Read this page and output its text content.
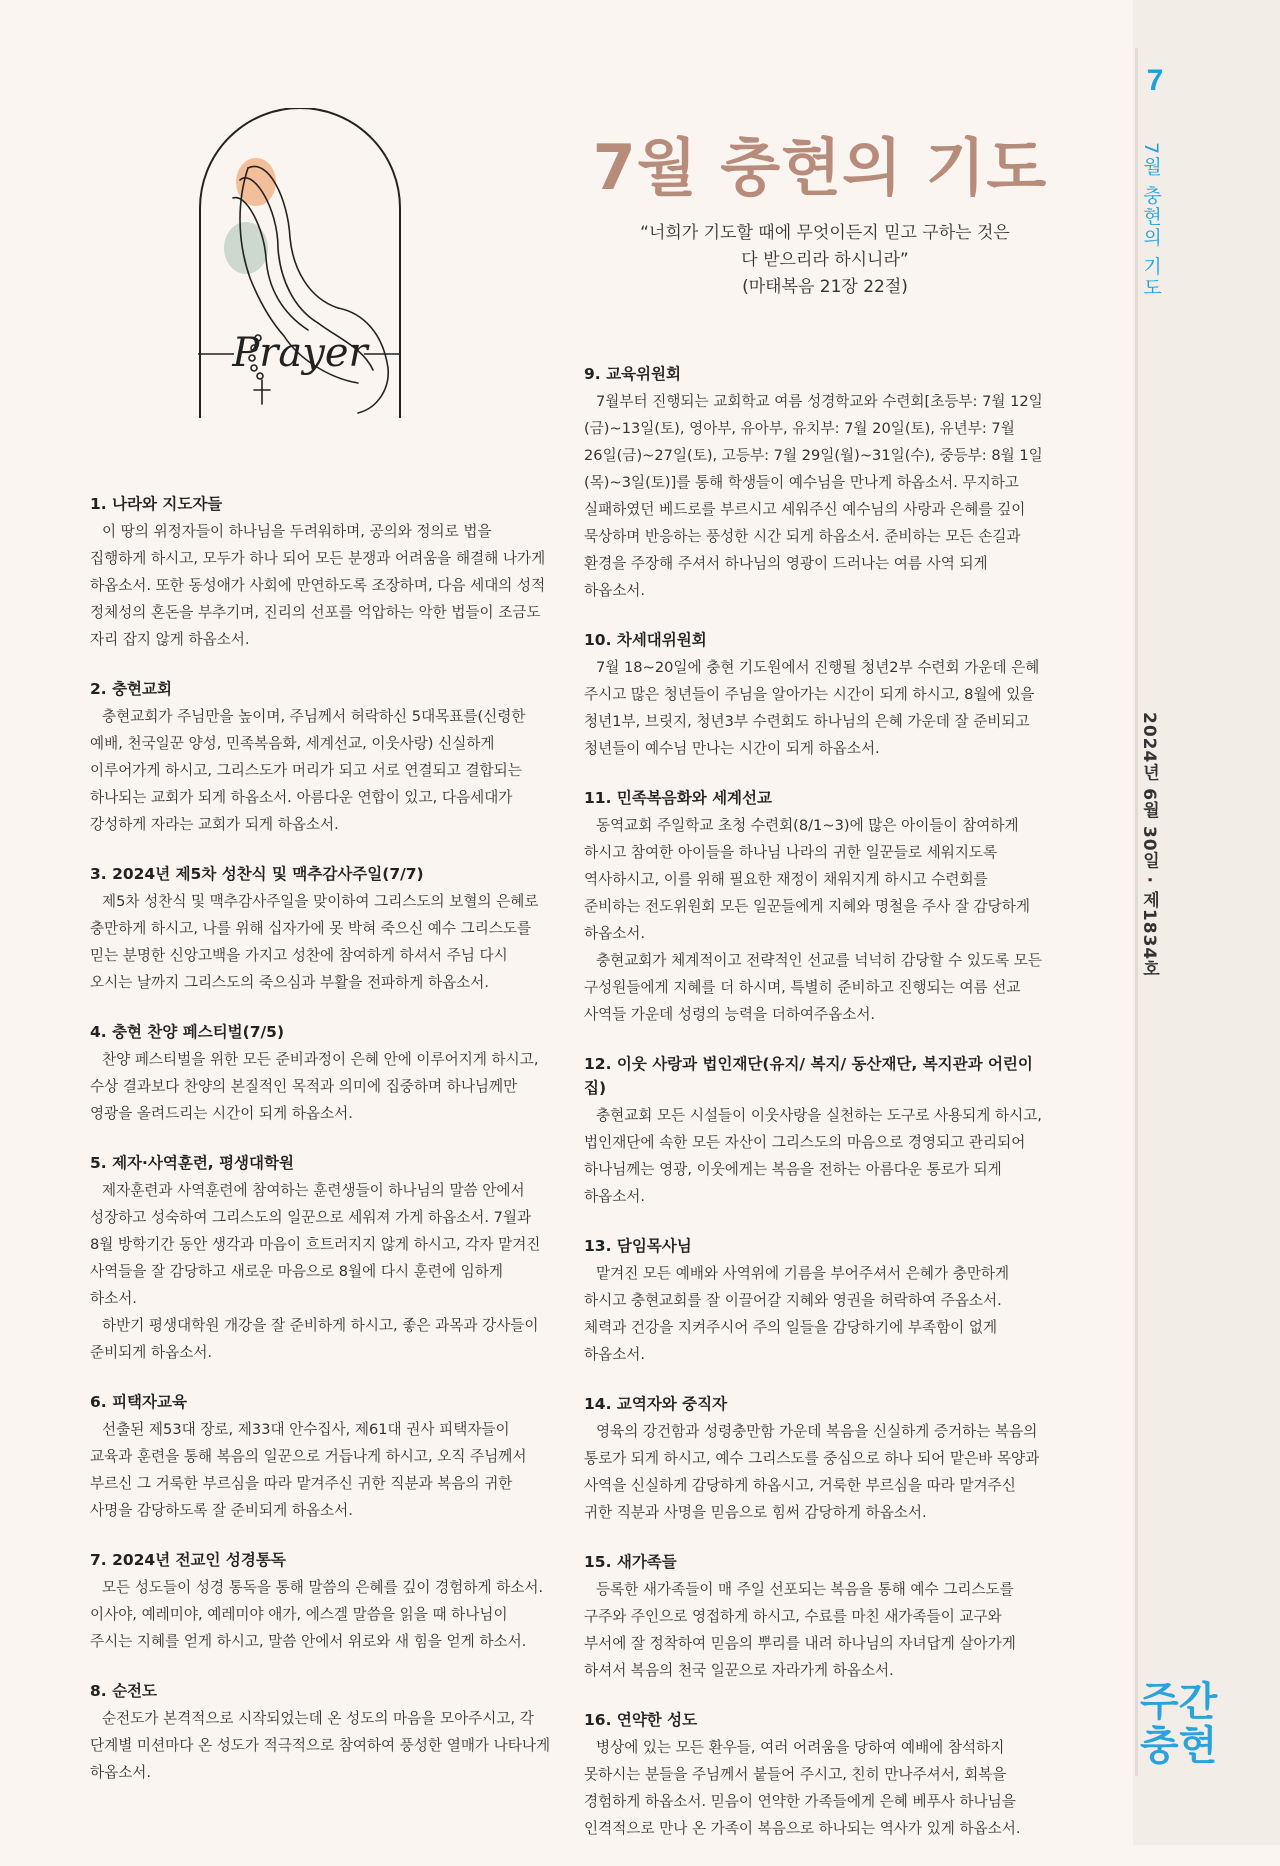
7
7월 충현의 기도
2024년 6월 30일 · 제1834호
주간
충현
Prayer
7월 충현의 기도
“너희가 기도할 때에 무엇이든지 믿고 구하는 것은
다 받으리라 하시니라”
(마태복음 21장 22절)
1. 나라와 지도자들

이 땅의 위정자들이 하나님을 두려워하며, 공의와 정의로 법을 집행하게 하시고, 모두가 하나 되어 모든 분쟁과 어려움을 해결해 나가게 하옵소서. 또한 동성애가 사회에 만연하도록 조장하며, 다음 세대의 성적 정체성의 혼돈을 부추기며, 진리의 선포를 억압하는 악한 법들이 조금도 자리 잡지 않게 하옵소서.

2. 충현교회

충현교회가 주님만을 높이며, 주님께서 허락하신 5대목표를(신령한 예배, 천국일꾼 양성, 민족복음화, 세계선교, 이웃사랑) 신실하게 이루어가게 하시고, 그리스도가 머리가 되고 서로 연결되고 결합되는 하나되는 교회가 되게 하옵소서. 아름다운 연합이 있고, 다음세대가 강성하게 자라는 교회가 되게 하옵소서.

3. 2024년 제5차 성찬식 및 맥추감사주일(7/7)

제5차 성찬식 및 맥추감사주일을 맞이하여 그리스도의 보혈의 은혜로 충만하게 하시고, 나를 위해 십자가에 못 박혀 죽으신 예수 그리스도를 믿는 분명한 신앙고백을 가지고 성찬에 참여하게 하셔서 주님 다시 오시는 날까지 그리스도의 죽으심과 부활을 전파하게 하옵소서.

4. 충현 찬양 페스티벌(7/5)

찬양 페스티벌을 위한 모든 준비과정이 은혜 안에 이루어지게 하시고, 수상 결과보다 찬양의 본질적인 목적과 의미에 집중하며 하나님께만 영광을 올려드리는 시간이 되게 하옵소서.

5. 제자·사역훈련, 평생대학원

제자훈련과 사역훈련에 참여하는 훈련생들이 하나님의 말씀 안에서 성장하고 성숙하여 그리스도의 일꾼으로 세워져 가게 하옵소서. 7월과 8월 방학기간 동안 생각과 마음이 흐트러지지 않게 하시고, 각자 맡겨진 사역들을 잘 감당하고 새로운 마음으로 8월에 다시 훈련에 임하게 하소서.

하반기 평생대학원 개강을 잘 준비하게 하시고, 좋은 과목과 강사들이 준비되게 하옵소서.

6. 피택자교육

선출된 제53대 장로, 제33대 안수집사, 제61대 권사 피택자들이 교육과 훈련을 통해 복음의 일꾼으로 거듭나게 하시고, 오직 주님께서 부르신 그 거룩한 부르심을 따라 맡겨주신 귀한 직분과 복음의 귀한 사명을 감당하도록 잘 준비되게 하옵소서.

7. 2024년 전교인 성경통독

모든 성도들이 성경 통독을 통해 말씀의 은혜를 깊이 경험하게 하소서. 이사야, 예레미야, 예레미야 애가, 에스겔 말씀을 읽을 때 하나님이 주시는 지혜를 얻게 하시고, 말씀 안에서 위로와 새 힘을 얻게 하소서.

8. 순전도

순전도가 본격적으로 시작되었는데 온 성도의 마음을 모아주시고, 각 단계별 미션마다 온 성도가 적극적으로 참여하여 풍성한 열매가 나타나게 하옵소서.

9. 교육위원회

7월부터 진행되는 교회학교 여름 성경학교와 수련회[초등부: 7월 12일(금)~13일(토), 영아부, 유아부, 유치부: 7월 20일(토), 유년부: 7월 26일(금)~27일(토), 고등부: 7월 29일(월)~31일(수), 중등부: 8월 1일(목)~3일(토)]를 통해 학생들이 예수님을 만나게 하옵소서. 무지하고 실패하였던 베드로를 부르시고 세워주신 예수님의 사랑과 은혜를 깊이 묵상하며 반응하는 풍성한 시간 되게 하옵소서. 준비하는 모든 손길과 환경을 주장해 주셔서 하나님의 영광이 드러나는 여름 사역 되게 하옵소서.

10. 차세대위원회

7월 18~20일에 충현 기도원에서 진행될 청년2부 수련회 가운데 은혜 주시고 많은 청년들이 주님을 알아가는 시간이 되게 하시고, 8월에 있을 청년1부, 브릿지, 청년3부 수련회도 하나님의 은혜 가운데 잘 준비되고 청년들이 예수님 만나는 시간이 되게 하옵소서.

11. 민족복음화와 세계선교

동역교회 주일학교 초청 수련회(8/1~3)에 많은 아이들이 참여하게 하시고 참여한 아이들을 하나님 나라의 귀한 일꾼들로 세워지도록 역사하시고, 이를 위해 필요한 재정이 채워지게 하시고 수련회를 준비하는 전도위원회 모든 일꾼들에게 지혜와 명철을 주사 잘 감당하게 하옵소서.

충현교회가 체계적이고 전략적인 선교를 넉넉히 감당할 수 있도록 모든 구성원들에게 지혜를 더 하시며, 특별히 준비하고 진행되는 여름 선교 사역들 가운데 성령의 능력을 더하여주옵소서.

12. 이웃 사랑과 법인재단(유지/ 복지/ 동산재단, 복지관과 어린이집)

충현교회 모든 시설들이 이웃사랑을 실천하는 도구로 사용되게 하시고, 법인재단에 속한 모든 자산이 그리스도의 마음으로 경영되고 관리되어 하나님께는 영광, 이웃에게는 복음을 전하는 아름다운 통로가 되게 하옵소서.

13. 담임목사님

맡겨진 모든 예배와 사역위에 기름을 부어주셔서 은혜가 충만하게 하시고 충현교회를 잘 이끌어갈 지혜와 영권을 허락하여 주옵소서. 체력과 건강을 지켜주시어 주의 일들을 감당하기에 부족함이 없게 하옵소서.

14. 교역자와 중직자

영육의 강건함과 성령충만함 가운데 복음을 신실하게 증거하는 복음의 통로가 되게 하시고, 예수 그리스도를 중심으로 하나 되어 맡은바 목양과 사역을 신실하게 감당하게 하옵시고, 거룩한 부르심을 따라 맡겨주신 귀한 직분과 사명을 믿음으로 힘써 감당하게 하옵소서.

15. 새가족들

등록한 새가족들이 매 주일 선포되는 복음을 통해 예수 그리스도를 구주와 주인으로 영접하게 하시고, 수료를 마친 새가족들이 교구와 부서에 잘 정착하여 믿음의 뿌리를 내려 하나님의 자녀답게 살아가게 하셔서 복음의 천국 일꾼으로 자라가게 하옵소서.

16. 연약한 성도

병상에 있는 모든 환우들, 여러 어려움을 당하여 예배에 참석하지 못하시는 분들을 주님께서 붙들어 주시고, 친히 만나주셔서, 회복을 경험하게 하옵소서. 믿음이 연약한 가족들에게 은혜 베푸사 하나님을 인격적으로 만나 온 가족이 복음으로 하나되는 역사가 있게 하옵소서.
